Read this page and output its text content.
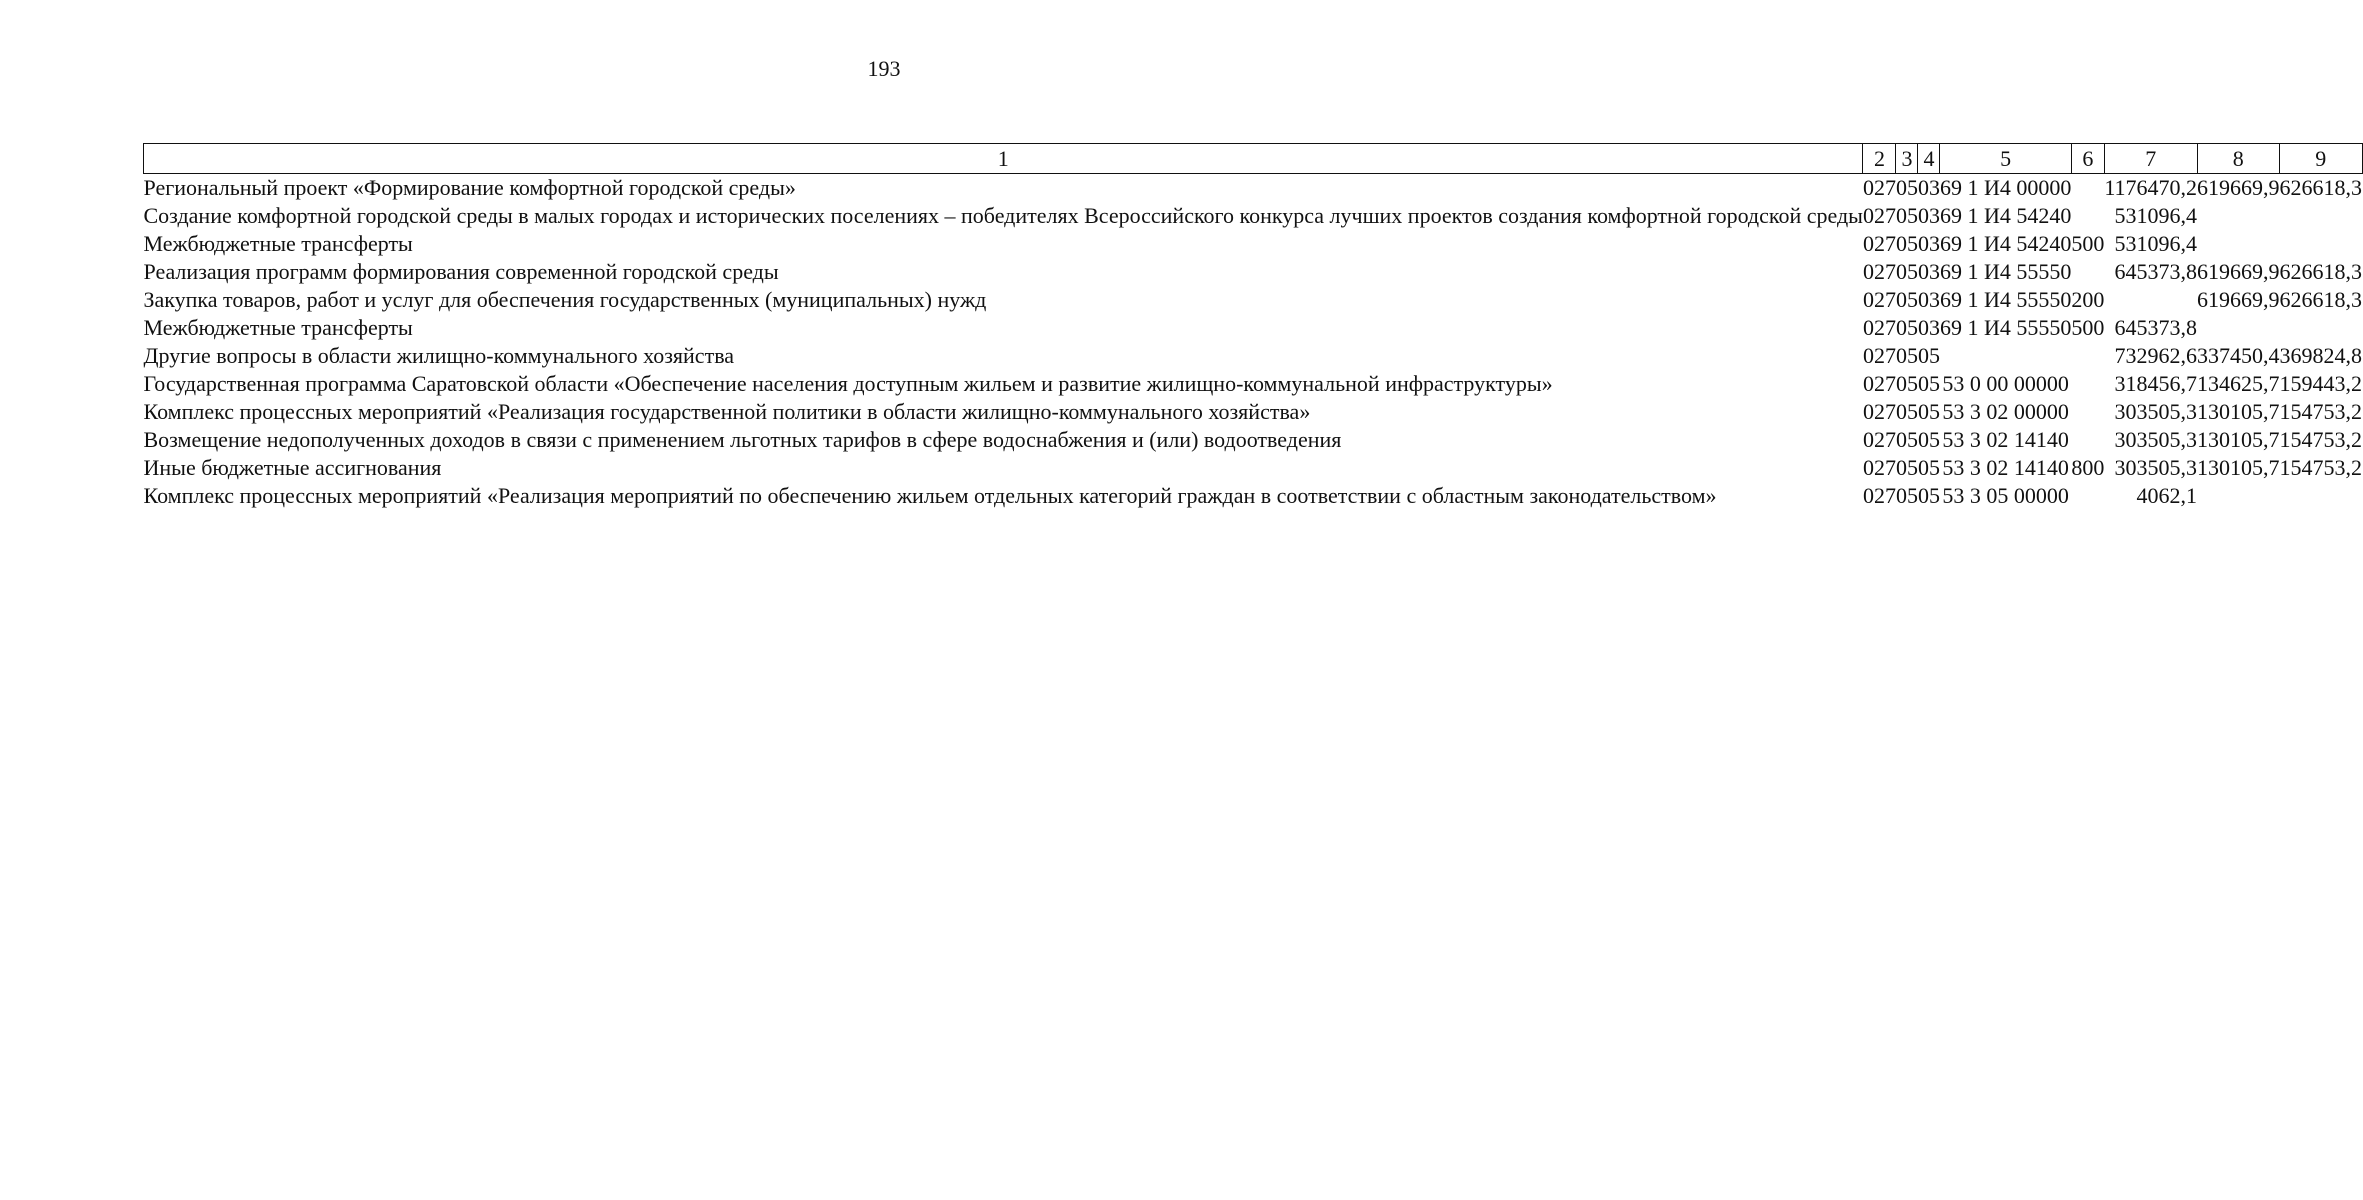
193
1	2	3	4	5	6	7	8	9
Региональный проект «Формирование комфортной городской среды»	027	05	03	69 1 И4 00000		1176470,2	619669,9	626618,3
Создание комфортной городской среды в малых городах и исторических поселениях – победителях Всероссийского конкурса лучших проектов создания комфортной городской среды	027	05	03	69 1 И4 54240		531096,4		
Межбюджетные трансферты	027	05	03	69 1 И4 54240	500	531096,4		
Реализация программ формирования современной городской среды	027	05	03	69 1 И4 55550		645373,8	619669,9	626618,3
Закупка товаров, работ и услуг для обеспечения государственных (муниципальных) нужд	027	05	03	69 1 И4 55550	200		619669,9	626618,3
Межбюджетные трансферты	027	05	03	69 1 И4 55550	500	645373,8		
Другие вопросы в области жилищно-коммунального хозяйства	027	05	05			732962,6	337450,4	369824,8
Государственная программа Саратовской области «Обеспечение населения доступным жильем и развитие жилищно-коммунальной инфраструктуры»	027	05	05	53 0 00 00000		318456,7	134625,7	159443,2
Комплекс процессных мероприятий «Реализация государственной политики в области жилищно-коммунального хозяйства»	027	05	05	53 3 02 00000		303505,3	130105,7	154753,2
Возмещение недополученных доходов в связи с применением льготных тарифов в сфере водоснабжения и (или) водоотведения	027	05	05	53 3 02 14140		303505,3	130105,7	154753,2
Иные бюджетные ассигнования	027	05	05	53 3 02 14140	800	303505,3	130105,7	154753,2
Комплекс процессных мероприятий «Реализация мероприятий по обеспечению жильем отдельных категорий граждан в соответствии с областным законодательством»	027	05	05	53 3 05 00000		4062,1		
